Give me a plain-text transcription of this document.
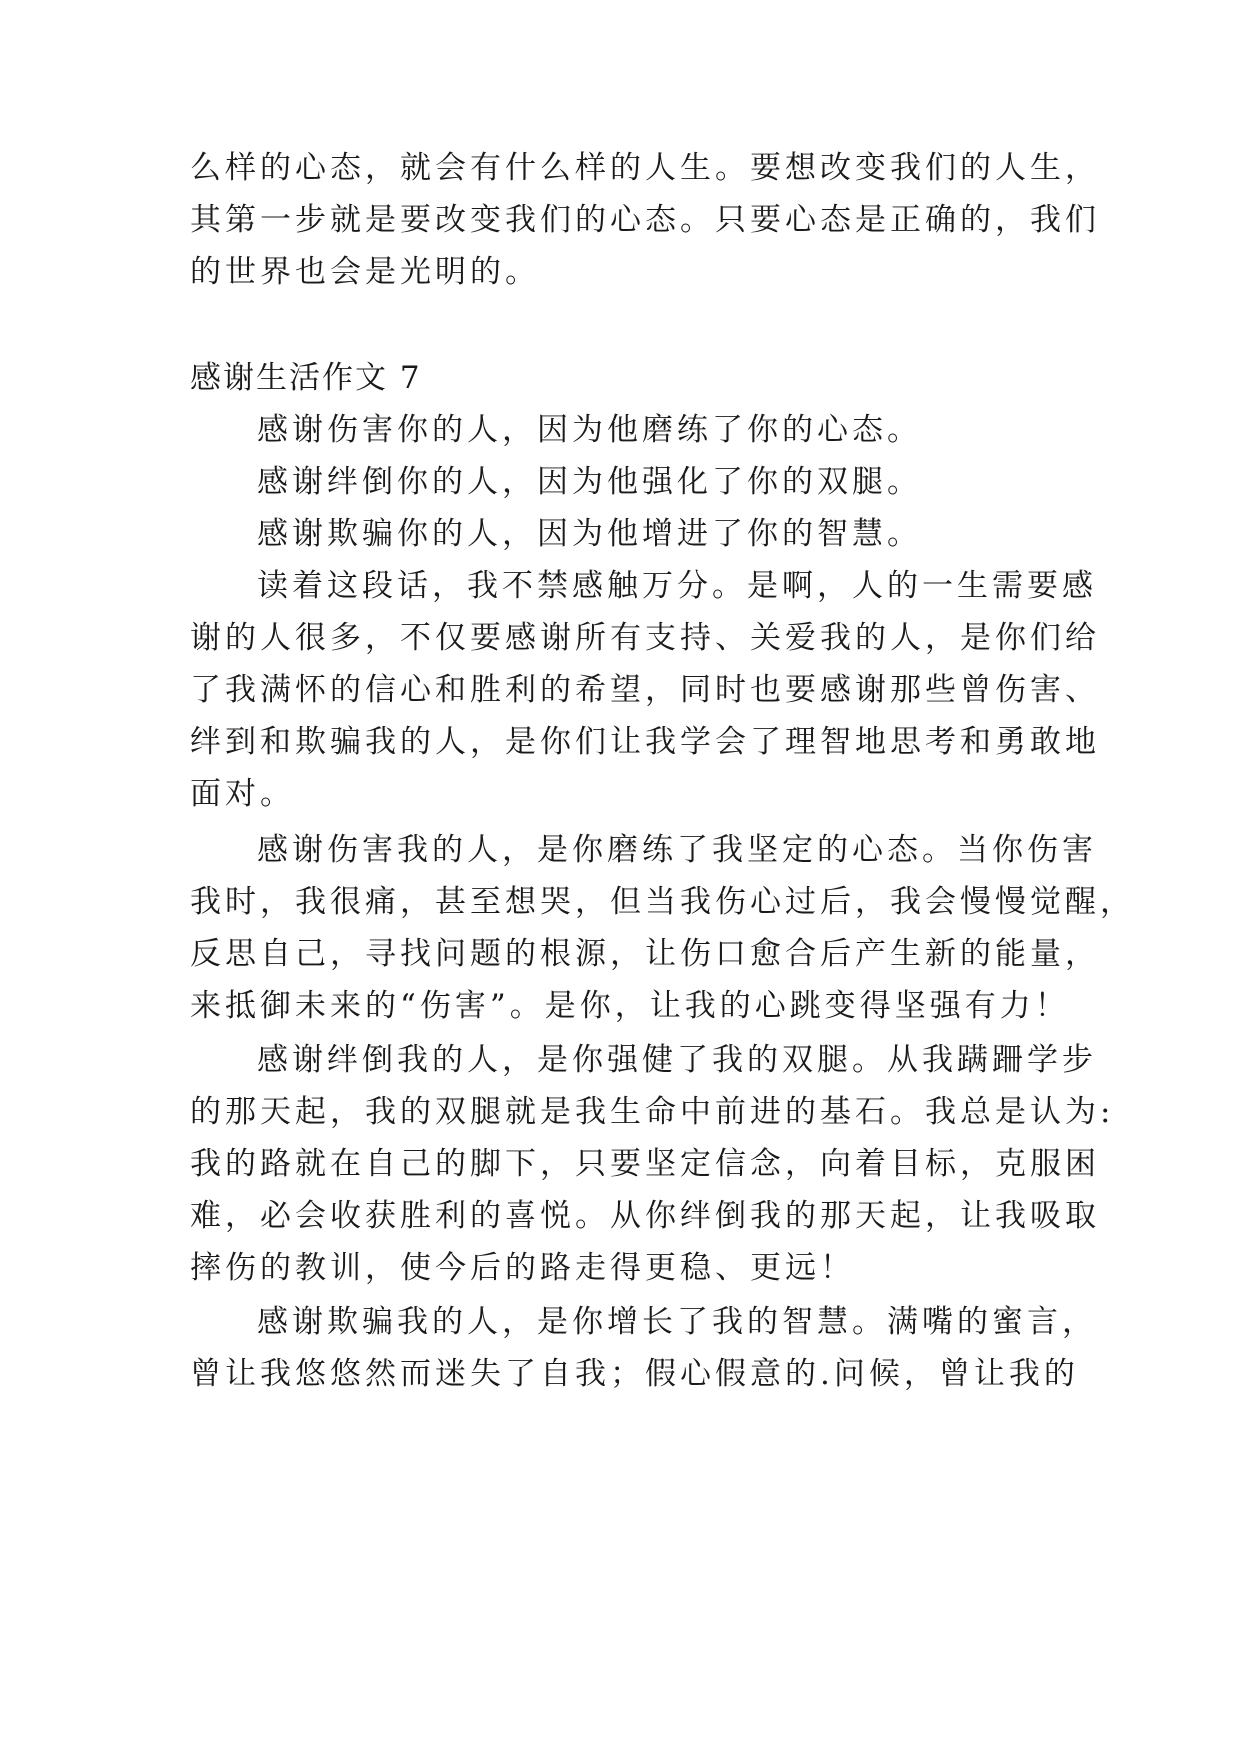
么样的心态，就会有什么样的人生。要想改变我们的人生，
其第一步就是要改变我们的心态。只要心态是正确的，我们
的世界也会是光明的。
感谢生活作文 7
感谢伤害你的人，因为他磨练了你的心态。
感谢绊倒你的人，因为他强化了你的双腿。
感谢欺骗你的人，因为他增进了你的智慧。
读着这段话，我不禁感触万分。是啊，人的一生需要感
谢的人很多，不仅要感谢所有支持、关爱我的人，是你们给
了我满怀的信心和胜利的希望，同时也要感谢那些曾伤害、
绊到和欺骗我的人，是你们让我学会了理智地思考和勇敢地
面对。
感谢伤害我的人，是你磨练了我坚定的心态。当你伤害
我时，我很痛，甚至想哭，但当我伤心过后，我会慢慢觉醒，
反思自己，寻找问题的根源，让伤口愈合后产生新的能量，
来抵御未来的“伤害”。是你，让我的心跳变得坚强有力！
感谢绊倒我的人，是你强健了我的双腿。从我蹒跚学步
的那天起，我的双腿就是我生命中前进的基石。我总是认为:
我的路就在自己的脚下，只要坚定信念，向着目标，克服困
难，必会收获胜利的喜悦。从你绊倒我的那天起，让我吸取
摔伤的教训，使今后的路走得更稳、更远！
感谢欺骗我的人，是你增长了我的智慧。满嘴的蜜言，
曾让我悠悠然而迷失了自我；假心假意的.问候，曾让我的
